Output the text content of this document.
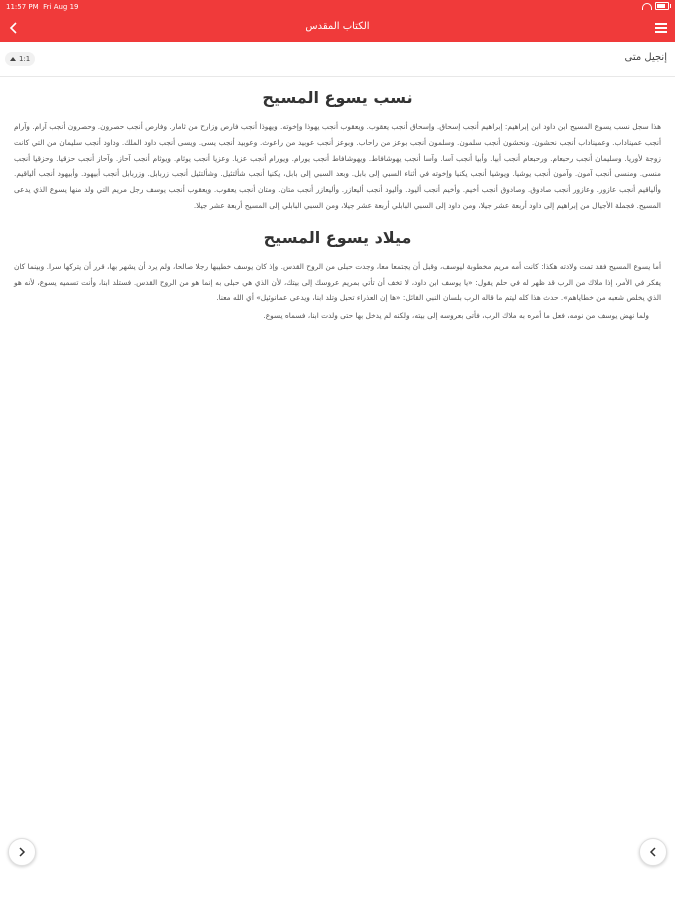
11:57 PM Fri Aug 19
الكتاب المقدس
1:1	إنجيل متى
نسب يسوع المسيح
هذا سجل نسب يسوع المسيح ابن داود ابن إبراهيم: إبراهيم أنجب إسحاق. وإسحاق أنجب يعقوب. ويعقوب أنجب يهوذا وإخوته. ويهوذا أنجب فارص وزارح من ثامار. وفارص أنجب حصرون. وحصرون أنجب آرام. وآرام أنجب عميناداب. وعميناداب أنجب نحشون. ونحشون أنجب سلمون. وسلمون أنجب بوعز من راحاب. وبوعز أنجب عوبيد من راعوث. وعوبيد أنجب يسى. ويسى أنجب داود الملك. وداود أنجب سليمان من التي كانت زوجة لأوريا. وسليمان أنجب رحبعام. ورحبعام أنجب أبيا. وأبيا أنجب آسا. وآسا أنجب يهوشافاط. ويهوشافاط أنجب يورام. ويورام أنجب عزيا. وعزيا أنجب يوثام. ويوثام أنجب آحاز. وآحاز أنجب حزقيا. وحزقيا أنجب منسى. ومنسى أنجب آمون. وآمون أنجب يوشيا. ويوشيا أنجب يكنيا وإخوته في أثناء السبي إلى بابل. وبعد السبي إلى بابل، يكنيا أنجب شألتئيل. وشألتئيل أنجب زربابل. وزربابل أنجب أبيهود. وأبيهود أنجب ألياقيم. وألياقيم أنجب عازور. وعازور أنجب صادوق. وصادوق أنجب أخيم. وأخيم أنجب أليود. وأليود أنجب أليعازر. وأليعازر أنجب متان. ومتان أنجب يعقوب. ويعقوب أنجب يوسف رجل مريم التي ولد منها يسوع الذي يدعى المسيح. فجملة الأجيال من إبراهيم إلى داود أربعة عشر جيلا، ومن داود إلى السبي البابلي أربعة عشر جيلا، ومن السبي البابلي إلى المسيح أربعة عشر جيلا.
ميلاد يسوع المسيح
أما يسوع المسيح فقد تمت ولادته هكذا: كانت أمه مريم مخطوبة ليوسف، وقبل أن يجتمعا معا، وجدت حبلى من الروح القدس. وإذ كان يوسف خطيبها رجلا صالحا، ولم يرد أن يشهر بها، قرر أن يتركها سرا. وبينما كان يفكر في الأمر، إذا ملاك من الرب قد ظهر له في حلم يقول: «يا يوسف ابن داود، لا تخف أن تأتي بمريم عروسك إلى بيتك، لأن الذي هي حبلى به إنما هو من الروح القدس. فستلد ابنا، وأنت تسميه يسوع، لأنه هو الذي يخلص شعبه من خطاياهم». حدث هذا كله ليتم ما قاله الرب بلسان النبي القائل: «ها إن العذراء تحبل وتلد ابنا، ويدعى عمانوئيل» أي الله معنا.
ولما نهض يوسف من نومه، فعل ما أمره به ملاك الرب، فأتى بعروسه إلى بيته، ولكنه لم يدخل بها حتى ولدت ابنا، فسماه يسوع.
